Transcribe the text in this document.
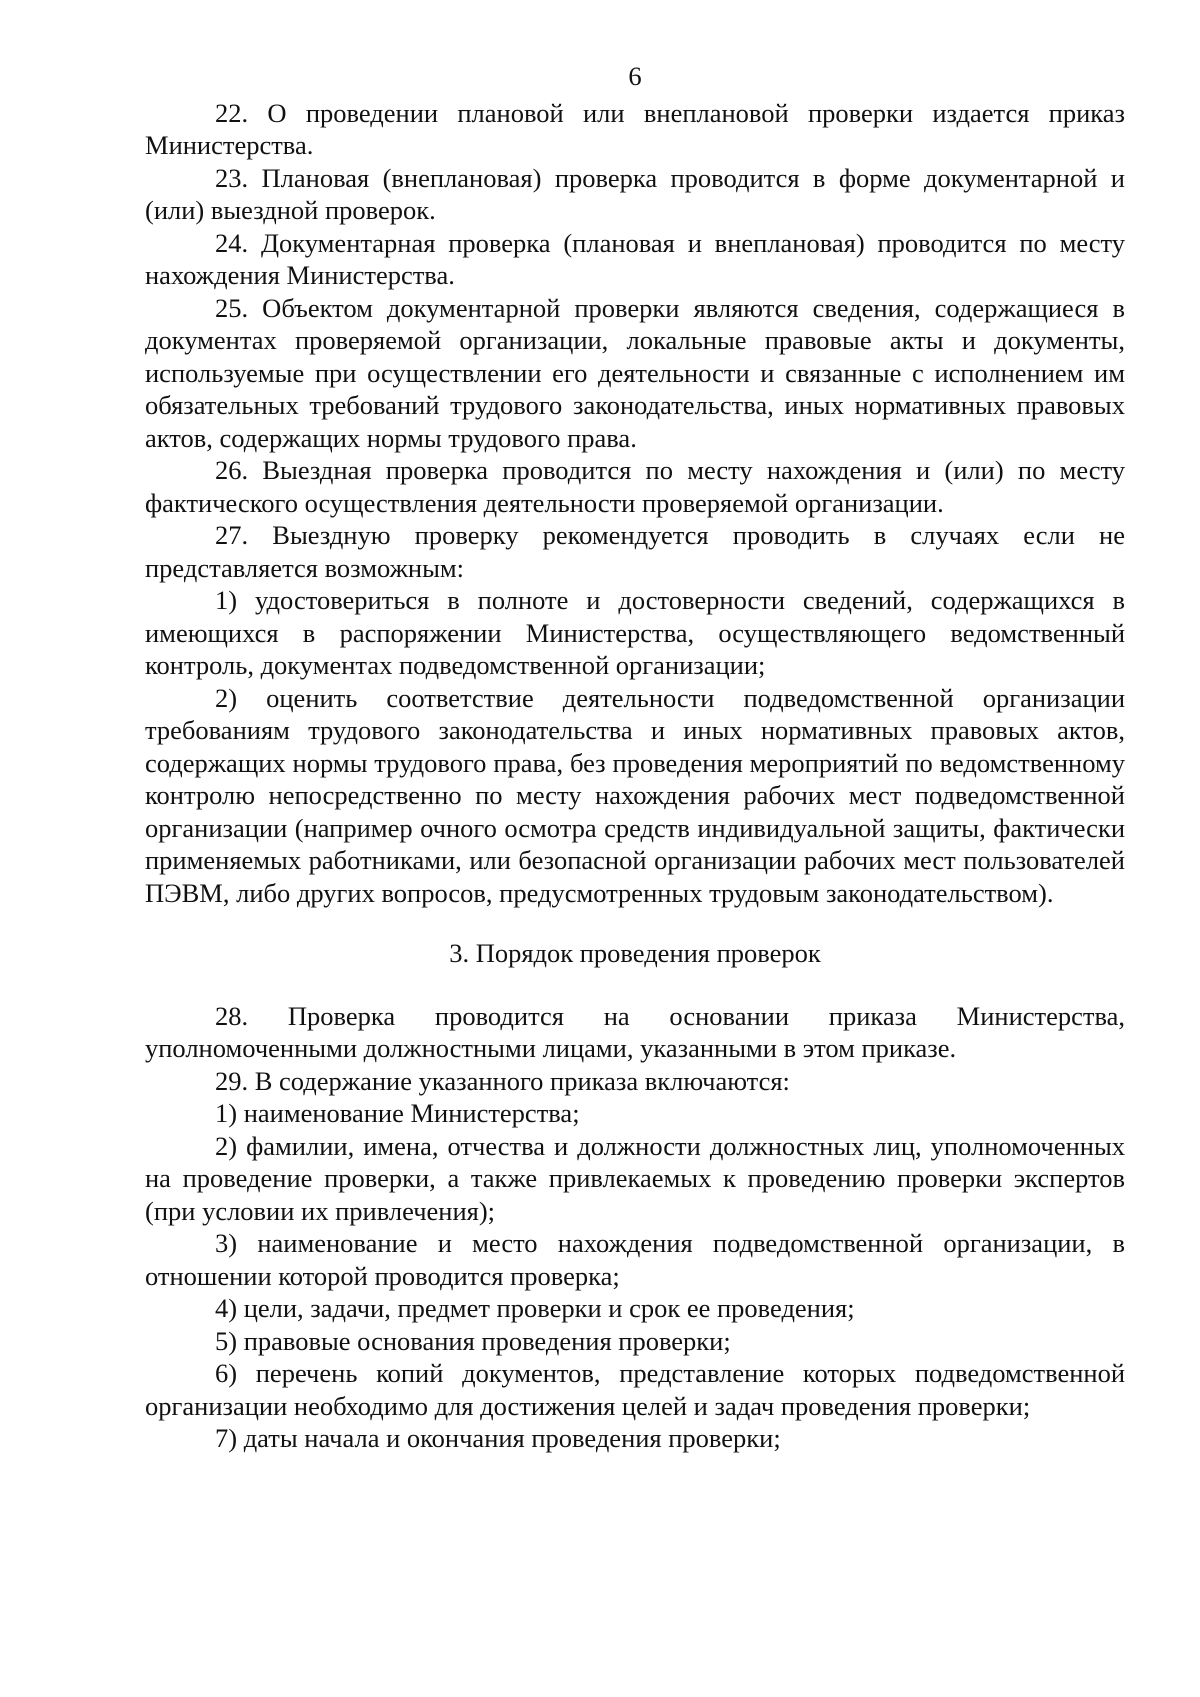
6

22. О проведении плановой или внеплановой проверки издается приказ Министерства.

23. Плановая (внеплановая) проверка проводится в форме документарной и (или) выездной проверок.

24. Документарная проверка (плановая и внеплановая) проводится по месту нахождения Министерства.

25. Объектом документарной проверки являются сведения, содержащиеся в документах проверяемой организации, локальные правовые акты и документы, используемые при осуществлении его деятельности и связанные с исполнением им обязательных требований трудового законодательства, иных нормативных правовых актов, содержащих нормы трудового права.

26. Выездная проверка проводится по месту нахождения и (или) по месту фактического осуществления деятельности проверяемой организации.

27. Выездную проверку рекомендуется проводить в случаях если не представляется возможным:

1) удостовериться в полноте и достоверности сведений, содержащихся в имеющихся в распоряжении Министерства, осуществляющего ведомственный контроль, документах подведомственной организации;

2) оценить соответствие деятельности подведомственной организации требованиям трудового законодательства и иных нормативных правовых актов, содержащих нормы трудового права, без проведения мероприятий по ведомственному контролю непосредственно по месту нахождения рабочих мест подведомственной организации (например очного осмотра средств индивидуальной защиты, фактически применяемых работниками, или безопасной организации рабочих мест пользователей ПЭВМ, либо других вопросов, предусмотренных трудовым законодательством).

3. Порядок проведения проверок

28. Проверка проводится на основании приказа Министерства, уполномоченными должностными лицами, указанными в этом приказе.

29. В содержание указанного приказа включаются:

1) наименование Министерства;

2) фамилии, имена, отчества и должности должностных лиц, уполномоченных на проведение проверки, а также привлекаемых к проведению проверки экспертов (при условии их привлечения);

3) наименование и место нахождения подведомственной организации, в отношении которой проводится проверка;

4) цели, задачи, предмет проверки и срок ее проведения;

5) правовые основания проведения проверки;

6) перечень копий документов, представление которых подведомственной организации необходимо для достижения целей и задач проведения проверки;

7) даты начала и окончания проведения проверки;
